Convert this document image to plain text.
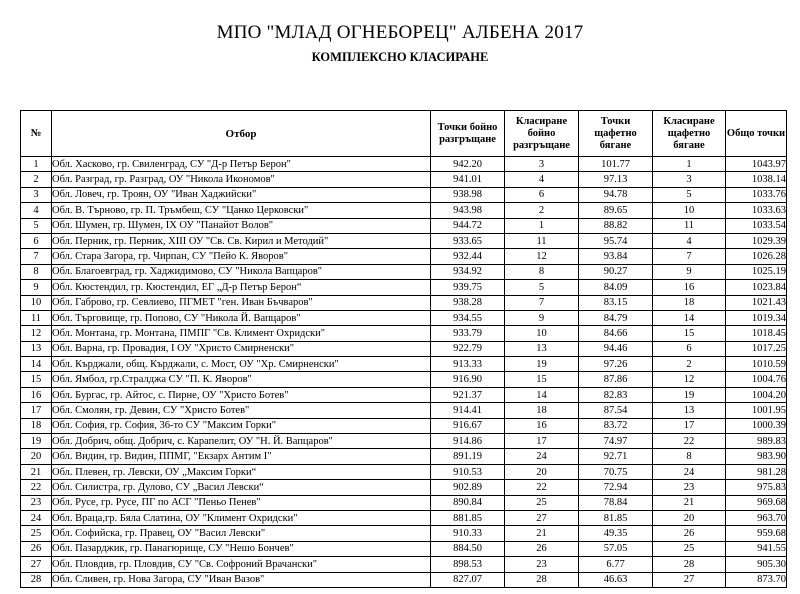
МПО "МЛАД ОГНЕБОРЕЦ" АЛБЕНА 2017
КОМПЛЕКСНО КЛАСИРАНЕ
№	Отбор	Точки бойно разгръщане	Класиране бойно разгръщане	Точки щафетно бягане	Класиране щафетно бягане	Общо точки
1	Обл. Хасково, гр. Свиленград, СУ "Д-р Петър Берон"	942.20	3	101.77	1	1043.97
2	Обл. Разград, гр. Разград, ОУ "Никола Икономов"	941.01	4	97.13	3	1038.14
3	Обл. Ловеч, гр. Троян, ОУ "Иван Хаджийски"	938.98	6	94.78	5	1033.76
4	Обл. В. Търново, гр. П. Тръмбеш, СУ "Цанко Церковски"	943.98	2	89.65	10	1033.63
5	Обл. Шумен, гр. Шумен, IX ОУ "Панайот Волов"	944.72	1	88.82	11	1033.54
6	Обл. Перник, гр. Перник, XIII ОУ "Св. Св. Кирил и Методий"	933.65	11	95.74	4	1029.39
7	Обл. Стара Загора, гр. Чирпан, СУ "Пейо К. Яворов"	932.44	12	93.84	7	1026.28
8	Обл. Благоевград, гр. Хаджидимово, СУ "Никола Вапцаров"	934.92	8	90.27	9	1025.19
9	Обл. Кюстендил, гр. Кюстендил, ЕГ „Д-р Петър Берон“	939.75	5	84.09	16	1023.84
10	Обл. Габрово, гр. Севлиево, ПГМЕТ "ген. Иван Бъчваров"	938.28	7	83.15	18	1021.43
11	Обл. Търговище, гр. Попово, СУ "Никола Й. Вапцаров"	934.55	9	84.79	14	1019.34
12	Обл. Монтана, гр. Монтана, ПМПГ "Св. Климент Охридски"	933.79	10	84.66	15	1018.45
13	Обл. Варна, гр. Провадия, I ОУ "Христо Смирненски"	922.79	13	94.46	6	1017.25
14	Обл. Кърджали, общ. Кърджали, с. Мост, ОУ "Хр. Смирненски"	913.33	19	97.26	2	1010.59
15	Обл. Ямбол, гр.Стралджа СУ "П. К. Яворов"	916.90	15	87.86	12	1004.76
16	Обл. Бургас, гр. Айтос, с. Пирне, ОУ "Христо Ботев"	921.37	14	82.83	19	1004.20
17	Обл. Смолян, гр. Девин, СУ "Христо Ботев"	914.41	18	87.54	13	1001.95
18	Обл. София, гр. София, 36-то СУ "Максим Горки"	916.67	16	83.72	17	1000.39
19	Обл. Добрич, общ. Добрич, с. Карапелит, ОУ "Н. Й. Вапцаров"	914.86	17	74.97	22	989.83
20	Обл. Видин, гр. Видин, ППМГ, "Екзарх Антим I"	891.19	24	92.71	8	983.90
21	Обл. Плевен, гр. Левски, ОУ „Максим Горки“	910.53	20	70.75	24	981.28
22	Обл. Силистра, гр. Дулово, СУ „Васил Левски“	902.89	22	72.94	23	975.83
23	Обл. Русе, гр. Русе, ПГ по АСГ "Пеньо Пенев"	890.84	25	78.84	21	969.68
24	Обл. Враца,гр. Бяла Слатина, ОУ "Климент Охридски"	881.85	27	81.85	20	963.70
25	Обл. Софийска, гр. Правец, ОУ "Васил Левски"	910.33	21	49.35	26	959.68
26	Обл. Пазарджик, гр. Панагюрище, СУ "Нешо Бончев"	884.50	26	57.05	25	941.55
27	Обл. Пловдив, гр. Пловдив, СУ "Св. Софроний Врачански"	898.53	23	6.77	28	905.30
28	Обл. Сливен, гр. Нова Загора, СУ "Иван Вазов"	827.07	28	46.63	27	873.70
